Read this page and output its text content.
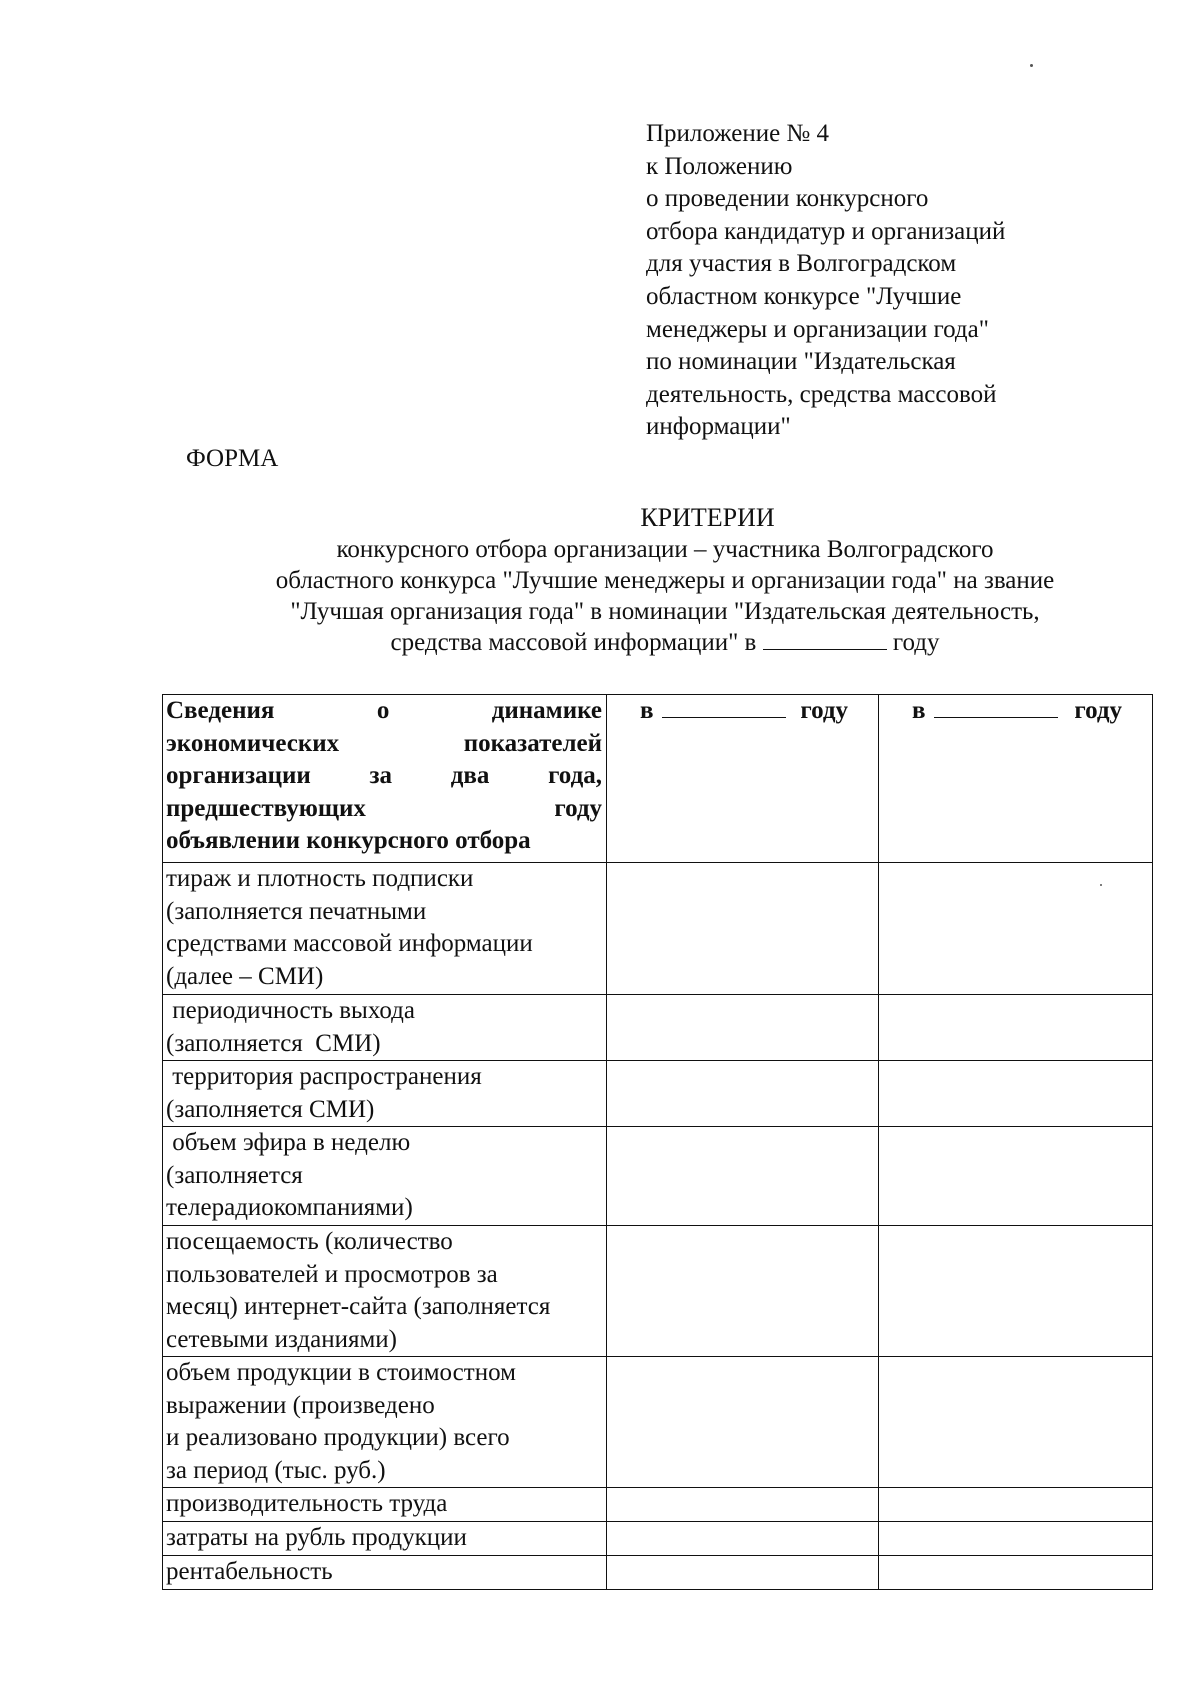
Приложение № 4
к Положению
о проведении конкурсного
отбора кандидатур и организаций
для участия в Волгоградском
областном конкурсе "Лучшие
менеджеры и организации года"
по номинации "Издательская
деятельность, средства массовой
информации"

ФОРМА

КРИТЕРИИ
конкурсного отбора организации – участника Волгоградского
областного конкурса "Лучшие менеджеры и организации года" на звание
"Лучшая организация года" в номинации "Издательская деятельность,
средства массовой информации" в	году
Сведения о динамике
экономических показателей
организации за два года,
предшествующих году
объявлении конкурсного отбора	в году	в году

тираж и плотность подписки
(заполняется печатными
средствами массовой информации
(далее – СМИ)		

периодичность выхода
(заполняется  СМИ)		

территория распространения
(заполняется СМИ)		

объем эфира в неделю
(заполняется
телерадиокомпаниями)		

посещаемость (количество
пользователей и просмотров за
месяц) интернет-сайта (заполняется
сетевыми изданиями)		

объем продукции в стоимостном
выражении (произведено
и реализовано продукции) всего
за период (тыс. руб.)		

производительность труда		

затраты на рубль продукции		

рентабельность		
